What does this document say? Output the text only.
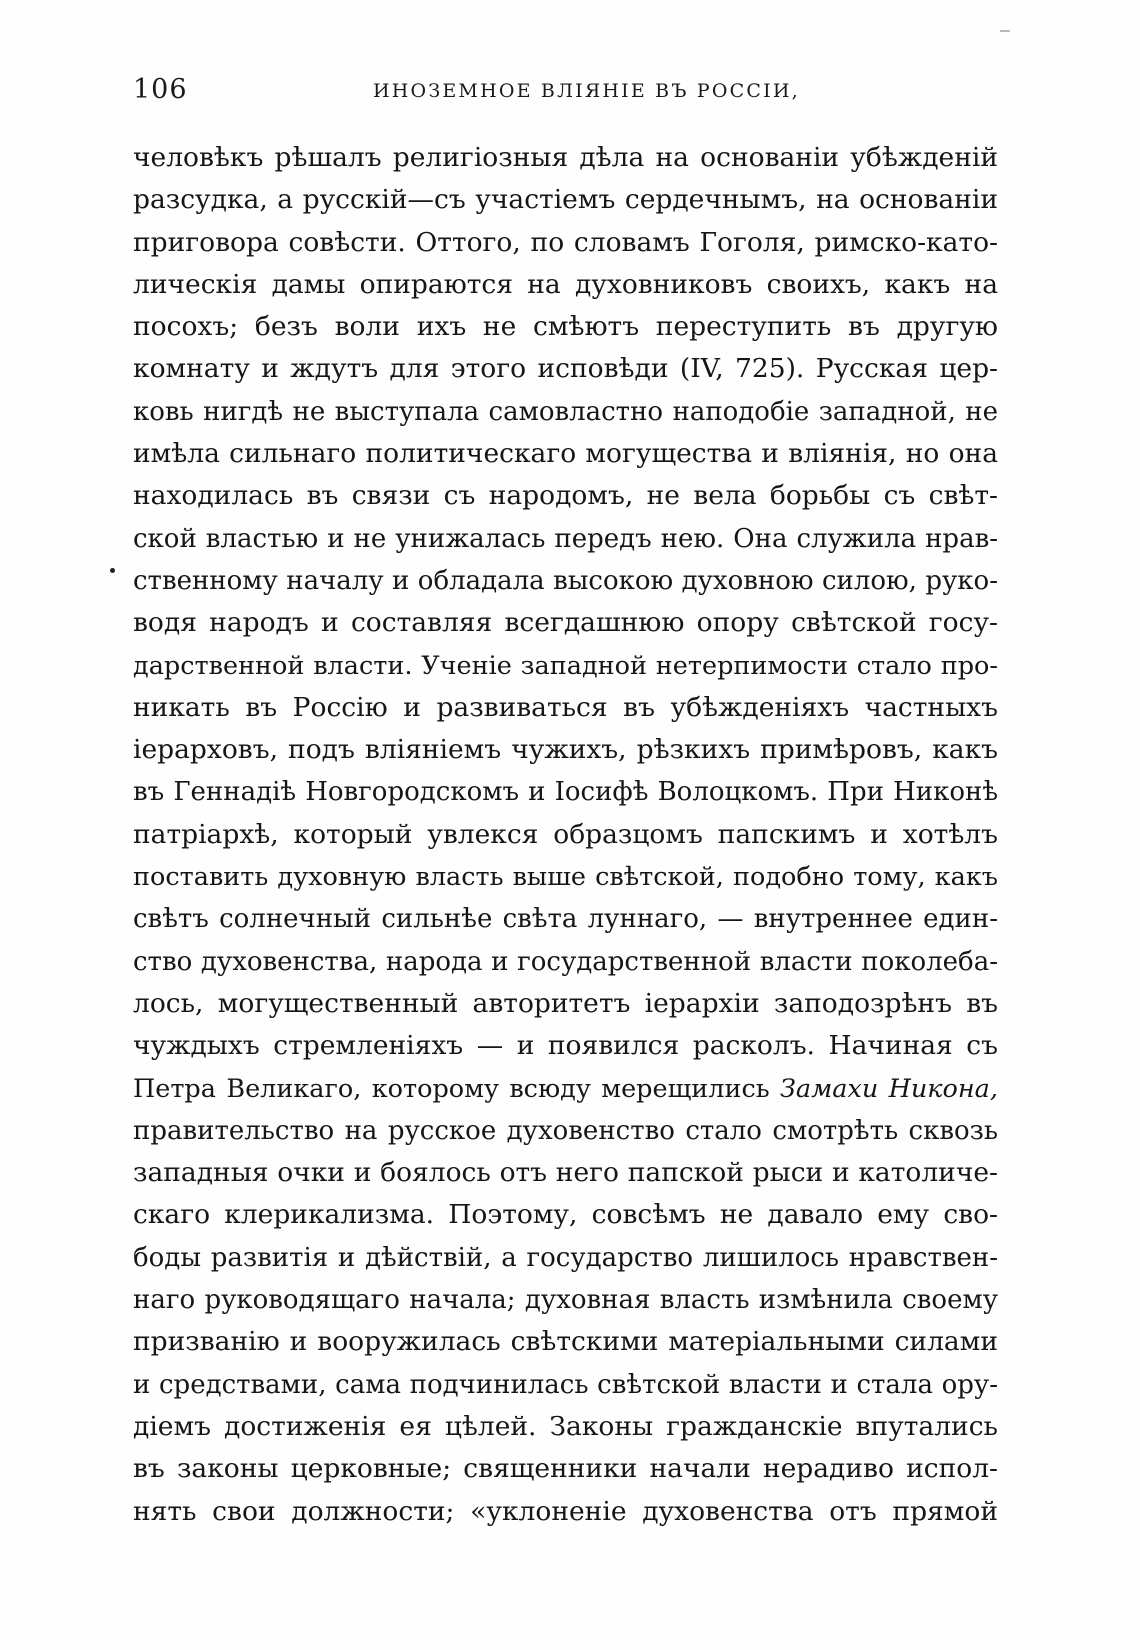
106	ИНОЗЕМНОЕ ВЛІЯНІЕ ВЪ РОССІИ,
человѣкъ рѣшалъ религіозныя дѣла на основаніи убѣжденій
разсудка, а русскій—съ участіемъ сердечнымъ, на основаніи
приговора совѣсти. Оттого, по словамъ Гоголя, римско-като-
лическія дамы опираются на духовниковъ своихъ, какъ на
посохъ; безъ воли ихъ не смѣютъ переступить въ другую
комнату и ждутъ для этого исповѣди (IV, 725). Русская цер-
ковь нигдѣ не выступала самовластно наподобіе западной, не
имѣла сильнаго политическаго могущества и вліянія, но она
находилась въ связи съ народомъ, не вела борьбы съ свѣт-
ской властью и не унижалась передъ нею. Она служила нрав-
ственному началу и обладала высокою духовною силою, руко-
водя народъ и составляя всегдашнюю опору свѣтской госу-
дарственной власти. Ученіе западной нетерпимости стало про-
никать въ Россію и развиваться въ убѣжденіяхъ частныхъ
іерарховъ, подъ вліяніемъ чужихъ, рѣзкихъ примѣровъ, какъ
въ Геннадіѣ Новгородскомъ и Іосифѣ Волоцкомъ. При Никонѣ
патріархѣ, который увлекся образцомъ папскимъ и хотѣлъ
поставить духовную власть выше свѣтской, подобно тому, какъ
свѣтъ солнечный сильнѣе свѣта луннаго, — внутреннее един-
ство духовенства, народа и государственной власти поколеба-
лось, могущественный авторитетъ іерархіи заподозрѣнъ въ
чуждыхъ стремленіяхъ — и появился расколъ. Начиная съ
Петра Великаго, которому всюду мерещились Замахи Никона,
правительство на русское духовенство стало смотрѣть сквозь
западныя очки и боялось отъ него папской рыси и католиче-
скаго клерикализма. Поэтому, совсѣмъ не давало ему сво-
боды развитія и дѣйствій, а государство лишилось нравствен-
наго руководящаго начала; духовная власть измѣнила своему
призванію и вооружилась свѣтскими матеріальными силами
и средствами, сама подчинилась свѣтской власти и стала ору-
діемъ достиженія ея цѣлей. Законы гражданскіе впутались
въ законы церковные; священники начали нерадиво испол-
нять свои должности; «уклоненіе духовенства отъ прямой
